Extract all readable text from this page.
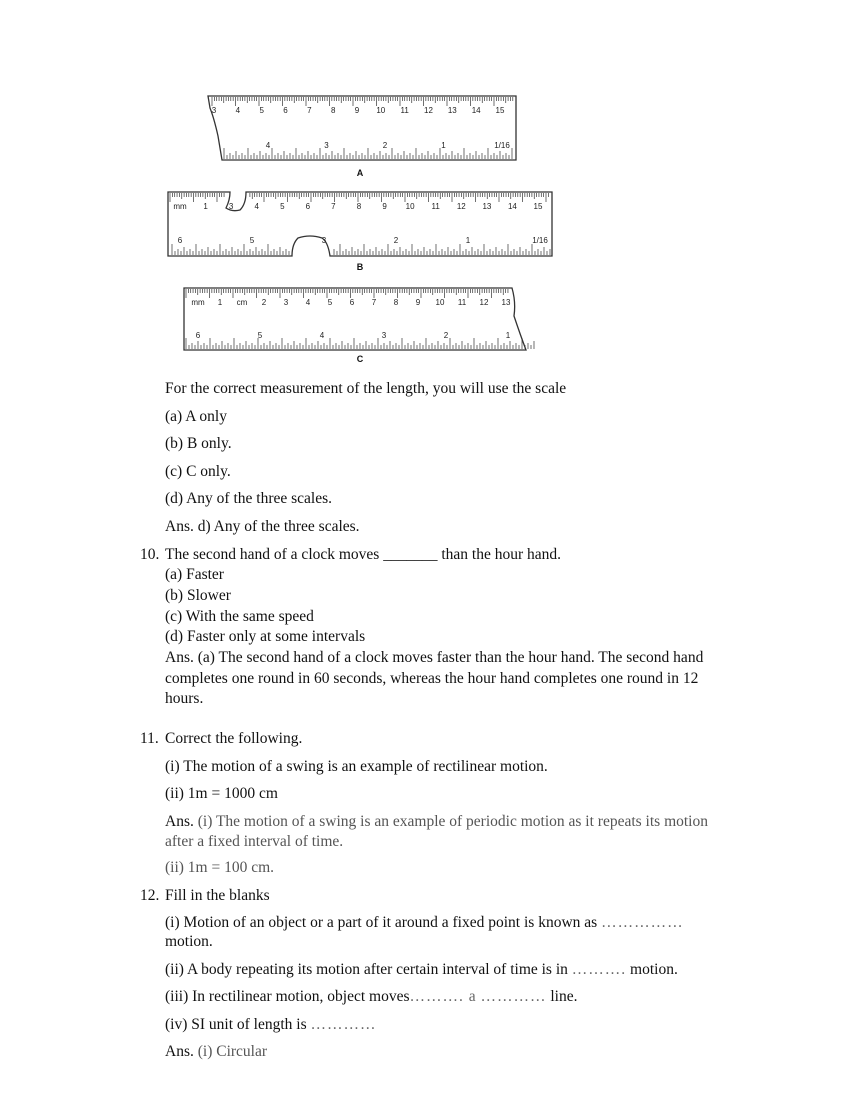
3 4 5 6 7 8 9 10 11 12 13 14 15
4	3	2	1	1/16
A
mm 1	3	4	5	6	7	8	9 10 11 12 13 14 15
6	5	3	2	1	1/16
B
mm 1 cm 2 3 4 5 6 7 8 9 10 11 12 13
6	5	4	3	2	1
C
For the correct measurement of the length, you will use the scale
(a) A only
(b) B only.
(c) C only.
(d) Any of the three scales.
Ans. d) Any of the three scales.
10. The second hand of a clock moves _______ than the hour hand.
(a) Faster
(b) Slower
(c) With the same speed
(d) Faster only at some intervals
Ans. (a) The second hand of a clock moves faster than the hour hand. The second hand completes one round in 60 seconds, whereas the hour hand completes one round in 12 hours.
11. Correct the following.
(i) The motion of a swing is an example of rectilinear motion.
(ii) 1m = 1000 cm
Ans. (i) The motion of a swing is an example of periodic motion as it repeats its motion after a fixed interval of time.
(ii) 1m = 100 cm.
12. Fill in the blanks
(i) Motion of an object or a part of it around a fixed point is known as ……………
motion.
(ii) A body repeating its motion after certain interval of time is in ………. motion.
(iii) In rectilinear motion, object moves………. a ………… line.
(iv) SI unit of length is …………
Ans. (i) Circular
